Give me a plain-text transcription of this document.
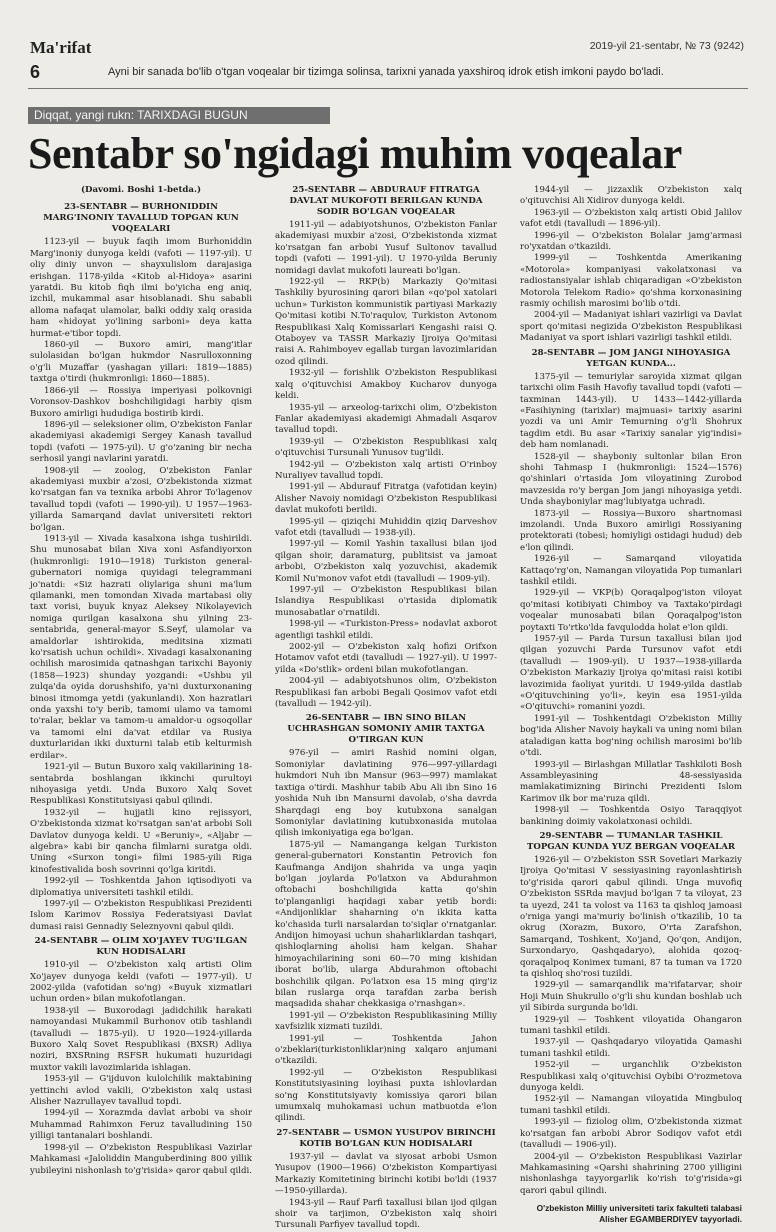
Ma'rifat	2019-yil 21-sentabr, № 73 (9242)
6	Ayni bir sanada bo'lib o'tgan voqealar bir tizimga solinsa, tarixni yanada yaxshiroq idrok etish imkoni paydo bo'ladi.
Diqqat, yangi rukn: TARIXDAGI BUGUN
Sentabr so'ngidagi muhim voqealar
(Davomi. Boshi 1-betda.)
23-SENTABR — BURHONIDDIN MARG'INONIY TAVALLUD TOPGAN KUN VOQEALARI

1123-yil — buyuk faqih imom Burhoniddin Marg'inoniy dunyoga keldi (vafoti — 1197-yil). U oliy diniy unvon — shayxulislom darajasiga erishgan. 1178-yilda «Kitob al-Hidoya» asarini yaratdi. Bu kitob fiqh ilmi bo'yicha eng aniq, izchil, mukammal asar hisoblanadi. Shu sababli alloma nafaqat ulamolar, balki oddiy xalq orasida ham «hidoyat yo'lining sarboni» deya katta hurmat-e'tibor topdi.

1860-yil — Buxoro amiri, mang'itlar sulolasidan bo'lgan hukmdor Nasrulloxonning o'g'li Muzaffar (yashagan yillari: 1819—1885) taxtga o'tirdi (hukmronligi: 1860—1885).

1866-yil — Rossiya imperiyasi polkovnigi Voronsov-Dashkov boshchiligidagi harbiy qism Buxoro amirligi hududiga bostirib kirdi.

1896-yil — seleksioner olim, O'zbekiston Fanlar akademiyasi akademigi Sergey Kanash tavallud topdi (vafoti — 1975-yil). U g'o'zaning bir necha serhosil yangi navlarini yaratdi.

1908-yil — zoolog, O'zbekiston Fanlar akademiyasi muxbir a'zosi, O'zbekistonda xizmat ko'rsatgan fan va texnika arbobi Ahror To'lagenov tavallud topdi (vafoti — 1990-yil). U 1957—1963-yillarda Samarqand davlat universiteti rektori bo'lgan.

1913-yil — Xivada kasalxona ishga tushirildi. Shu munosabat bilan Xiva xoni Asfandiyorxon (hukmronligi: 1910—1918) Turkiston general-gubernatori nomiga quyidagi telegrammani jo'natdi: «Siz hazrati oliylariga shuni ma'lum qilamanki, men tomondan Xivada martabasi oliy taxt vorisi, buyuk knyaz Aleksey Nikolayevich nomiga qurilgan kasalxona shu yilning 23-sentabrida, general-mayor S.Seyf, ulamolar va amaldorlar ishtirokida, meditsina xizmati ko'rsatish uchun ochildi». Xivadagi kasalxonaning ochilish marosimida qatnashgan tarixchi Bayoniy (1858—1923) shunday yozgandi: «Ushbu yil zulqa'da oyida dorushshifo, ya'ni duxturxonaning binosi itmomga yetdi (yakunlandi). Xon hazratlari onda yaxshi to'y berib, tamomi ulamo va tamomi to'ralar, beklar va tamom-u amaldor-u ogsoqollar va tamomi elni da'vat etdilar va Rusiya duxturlaridan ikki duxturni talab etib kelturmish erdilar».

1921-yil — Butun Buxoro xalq vakillarining 18-sentabrda boshlangan ikkinchi qurultoyi nihoyasiga yetdi. Unda Buxoro Xalq Sovet Respublikasi Konstitutsiyasi qabul qilindi.

1932-yil — hujjatli kino rejissyori, O'zbekistonda xizmat ko'rsatgan san'at arbobi Soli Davlatov dunyoga keldi. U «Beruniy», «Aljabr — algebra» kabi bir qancha filmlarni suratga oldi. Uning «Surxon tongi» filmi 1985-yili Riga kinofestivalida bosh sovrinni qo'lga kiritdi.

1992-yil — Toshkentda Jahon iqtisodiyoti va diplomatiya universiteti tashkil etildi.

1997-yil — O'zbekiston Respublikasi Prezidenti Islom Karimov Rossiya Federatsiyasi Davlat dumasi raisi Gennadiy Seleznyovni qabul qildi.

24-SENTABR — OLIM XO'JAYEV TUG'ILGAN KUN HODISALARI

1910-yil — O'zbekiston xalq artisti Olim Xo'jayev dunyoga keldi (vafoti — 1977-yil). U 2002-yilda (vafotidan so'ng) «Buyuk xizmatlari uchun orden» bilan mukofotlangan.

1938-yil — Buxorodagi jadidchilik harakati namoyandasi Mukammil Burhonov otib tashlandi (tavalludi — 1875-yil). U 1920—1924-yillarda Buxoro Xalq Sovet Respublikasi (BXSR) Adliya noziri, BXSRning RSFSR hukumati huzuridagi muxtor vakili lavozimlarida ishlagan.

1953-yil — G'ijduvon kulolchilik maktabining yettinchi avlod vakili, O'zbekiston xalq ustasi Alisher Nazrullayev tavallud topdi.

1994-yil — Xorazmda davlat arbobi va shoir Muhammad Rahimxon Feruz tavalludining 150 yilligi tantanalari boshlandi.

1998-yil — O'zbekiston Respublikasi Vazirlar Mahkamasi «Jaloliddin Manguberdining 800 yillik yubileyini nishonlash to'g'risida» qaror qabul qildi.

25-SENTABR — ABDURAUF FITRATGA DAVLAT MUKOFOTI BERILGAN KUNDA SODIR BO'LGAN VOQEALAR

1911-yil — adabiyotshunos, O'zbekiston Fanlar akademiyasi muxbir a'zosi, O'zbekistonda xizmat ko'rsatgan fan arbobi Yusuf Sultonov tavallud topdi (vafoti — 1991-yil). U 1970-yilda Beruniy nomidagi davlat mukofoti laureati bo'lgan.

1922-yil — RKP(b) Markaziy Qo'mitasi Tashkiliy byurosining qarori bilan «qo'pol xatolari uchun» Turkiston kommunistik partiyasi Markaziy Qo'mitasi kotibi N.To'raqulov, Turkiston Avtonom Respublikasi Xalq Komissarlari Kengashi raisi Q. Otaboyev va TASSR Markaziy Ijroiya Qo'mitasi raisi A. Rahimboyev egallab turgan lavozimlaridan ozod qilindi.

1932-yil — forishlik O'zbekiston Respublikasi xalq o'qituvchisi Amakboy Kucharov dunyoga keldi.

1935-yil — arxeolog-tarixchi olim, O'zbekiston Fanlar akademiyasi akademigi Ahmadali Asqarov tavallud topdi.

1939-yil — O'zbekiston Respublikasi xalq o'qituvchisi Tursunali Yunusov tug'ildi.

1942-yil — O'zbekiston xalq artisti O'rinboy Nuraliyev tavallud topdi.

1991-yil — Abdurauf Fitratga (vafotidan keyin) Alisher Navoiy nomidagi O'zbekiston Respublikasi davlat mukofoti berildi.

1995-yil — qiziqchi Muhiddin qiziq Darveshov vafot etdi (tavalludi — 1938-yil).

1997-yil — Komil Yashin taxallusi bilan ijod qilgan shoir, daramaturg, publitsist va jamoat arbobi, O'zbekiston xalq yozuvchisi, akademik Komil Nu'monov vafot etdi (tavalludi — 1909-yil).

1997-yil — O'zbekiston Respublikasi bilan Islandiya Respublikasi o'rtasida diplomatik munosabatlar o'rnatildi.

1998-yil — «Turkiston-Press» nodavlat axborot agentligi tashkil etildi.

2002-yil — O'zbekiston xalq hofizi Orifxon Hotamov vafot etdi (tavalludi — 1927-yil). U 1997-yilda «Do'stlik» ordeni bilan mukofotlangan.

2004-yil — adabiyotshunos olim, O'zbekiston Respublikasi fan arbobi Begali Qosimov vafot etdi (tavalludi — 1942-yil).

26-SENTABR — IBN SINO BILAN UCHRASHGAN SOMONIY AMIR TAXTGA O'TIRGAN KUN

976-yil — amiri Rashid nomini olgan, Somoniylar davlatining 976—997-yillardagi hukmdori Nuh ibn Mansur (963—997) mamlakat taxtiga o'tirdi. Mashhur tabib Abu Ali ibn Sino 16 yoshida Nuh ibn Mansurni davolab, o'sha davrda Sharqdagi eng boy kutubxona sanalgan Somoniylar davlatining kutubxonasida mutolaa qilish imkoniyatiga ega bo'lgan.

1875-yil — Namanganga kelgan Turkiston general-gubernatori Konstantin Petrovich fon Kaufmanga Andijon shahrida va unga yaqin bo'lgan joylarda Po'latxon va Abdurahmon oftobachi boshchiligida katta qo'shin to'planganligi haqidagi xabar yetib bordi: «Andijonliklar shaharning o'n ikkita katta ko'chasida turli narsalardan to'siqlar o'rnatganlar. Andijon himoyasi uchun shaharliklardan tashqari, qishloqlarning aholisi ham kelgan. Shahar himoyachilarining soni 60—70 ming kishidan iborat bo'lib, ularga Abdurahmon oftobachi boshchilik qilgan. Po'latxon esa 15 ming qirg'iz bilan ruslarga orqa tarafdan zarba berish maqsadida shahar chekkasiga o'rnashgan».

1991-yil — O'zbekiston Respublikasining Milliy xavfsizlik xizmati tuzildi.

1991-yil — Toshkentda Jahon o'zbeklari(turkistonliklar)ning xalqaro anjumani o'tkazildi.

1992-yil — O'zbekiston Respublikasi Konstitutsiyasining loyihasi puxta ishlovlardan so'ng Konstitutsiyaviy komissiya qarori bilan umumxalq muhokamasi uchun matbuotda e'lon qilindi.

27-SENTABR — USMON YUSUPOV BIRINCHI KOTIB BO'LGAN KUN HODISALARI

1937-yil — davlat va siyosat arbobi Usmon Yusupov (1900—1966) O'zbekiston Kompartiyasi Markaziy Komitetining birinchi kotibi bo'ldi (1937 —1950-yillarda).

1943-yil — Rauf Parfi taxallusi bilan ijod qilgan shoir va tarjimon, O'zbekiston xalq shoiri Tursunali Parfiyev tavallud topdi.

1944-yil — jizzaxlik O'zbekiston xalq o'qituvchisi Ali Xidirov dunyoga keldi.

1963-yil — O'zbekiston xalq artisti Obid Jalilov vafot etdi (tavalludi — 1896-yil).

1996-yil — O'zbekiston Bolalar jamg'armasi ro'yxatdan o'tkazildi.

1999-yil — Toshkentda Amerikaning «Motorola» kompaniyasi vakolatxonasi va radiostansiyalar ishlab chiqaradigan «O'zbekiston Motorola Telekom Radio» qo'shma korxonasining rasmiy ochilish marosimi bo'lib o'tdi.

2004-yil — Madaniyat ishlari vazirligi va Davlat sport qo'mitasi negizida O'zbekiston Respublikasi Madaniyat va sport ishlari vazirligi tashkil etildi.

28-SENTABR — JOM JANGI NIHOYASIGA YETGAN KUNDA...

1375-yil — temuriylar saroyida xizmat qilgan tarixchi olim Fasih Havofiy tavallud topdi (vafoti — taxminan 1443-yil). U 1433—1442-yillarda «Fasihiyning (tarixlar) majmuasi» tarixiy asarini yozdi va uni Amir Temurning o'g'li Shohrux tagdim etdi. Bu asar «Tarixiy sanalar yig'indisi» deb ham nomlanadi.

1528-yil — shayboniy sultonlar bilan Eron shohi Tahmasp I (hukmronligi: 1524—1576) qo'shinlari o'rtasida Jom viloyatining Zurobod mavzesida ro'y bergan Jom jangi nihoyasiga yetdi. Unda shayboniylar mag'lubiyatga uchradi.

1873-yil — Rossiya—Buxoro shartnomasi imzolandi. Unda Buxoro amirligi Rossiyaning protektorati (tobesi; homiyligi ostidagi hudud) deb e'lon qilindi.

1926-yil — Samarqand viloyatida Kattaqo'rg'on, Namangan viloyatida Pop tumanlari tashkil etildi.

1929-yil — VKP(b) Qoraqalpog'iston viloyat qo'mitasi kotibiyati Chimboy va Taxtako'pirdagi voqealar munosabati bilan Qoraqalpog'iston poytaxti To'rtko'lda favqulodda holat e'lon qildi.

1957-yil — Parda Tursun taxallusi bilan ijod qilgan yozuvchi Parda Tursunov vafot etdi (tavalludi — 1909-yil). U 1937—1938-yillarda O'zbekiston Markaziy Ijroiya qo'mitasi raisi kotibi lavozimida faoliyat yuritdi. U 1949-yilda dastlab «O'qituvchining yo'li», keyin esa 1951-yilda «O'qituvchi» romanini yozdi.

1991-yil — Toshkentdagi O'zbekiston Milliy bog'ida Alisher Navoiy haykali va uning nomi bilan ataladigan katta bog'ning ochilish marosimi bo'lib o'tdi.

1993-yil — Birlashgan Millatlar Tashkiloti Bosh Assambleyasining 48-sessiyasida mamlakatimizning Birinchi Prezidenti Islom Karimov ilk bor ma'ruza qildi.

1998-yil — Toshkentda Osiyo Taraqqiyot bankining doimiy vakolatxonasi ochildi.

29-SENTABR — TUMANLAR TASHKIL TOPGAN KUNDA YUZ BERGAN VOQEALAR

1926-yil — O'zbekiston SSR Sovetlari Markaziy Ijroiya Qo'mitasi V sessiyasining rayonlashtirish to'g'risida qarori qabul qilindi. Unga muvofiq O'zbekiston SSRda mavjud bo'lgan 7 ta viloyat, 23 ta uyezd, 241 ta volost va 1163 ta qishloq jamoasi o'rniga yangi ma'muriy bo'linish o'tkazilib, 10 ta okrug (Xorazm, Buxoro, O'rta Zarafshon, Samarqand, Toshkent, Xo'jand, Qo'qon, Andijon, Surxondaryo, Qashqadaryo), alohida qozoq-qoraqalpoq Konimex tumani, 87 ta tuman va 1720 ta qishloq sho'rosi tuzildi.

1929-yil — samarqandlik ma'rifatarvar, shoir Hoji Muin Shukrullo o'g'li shu kundan boshlab uch yil Sibirda surgunda bo'ldi.

1929-yil — Toshkent viloyatida Ohangaron tumani tashkil etildi.

1937-yil — Qashqadaryo viloyatida Qamashi tumani tashkil etildi.

1952-yil — urganchlik O'zbekiston Respublikasi xalq o'qituvchisi Oybibi O'rozmetova dunyoga keldi.

1952-yil — Namangan viloyatida Mingbuloq tumani tashkil etildi.

1993-yil — fiziolog olim, O'zbekistonda xizmat ko'rsatgan fan arbobi Abror Sodiqov vafot etdi (tavalludi — 1906-yil).

2004-yil — O'zbekiston Respublikasi Vazirlar Mahkamasining «Qarshi shahrining 2700 yilligini nishonlashga tayyorgarlik ko'rish to'g'risida»gi qarori qabul qilindi.

O'zbekiston Milliy universiteti tarix fakulteti talabasi
Alisher EGAMBERDIYEV tayyorladi.
